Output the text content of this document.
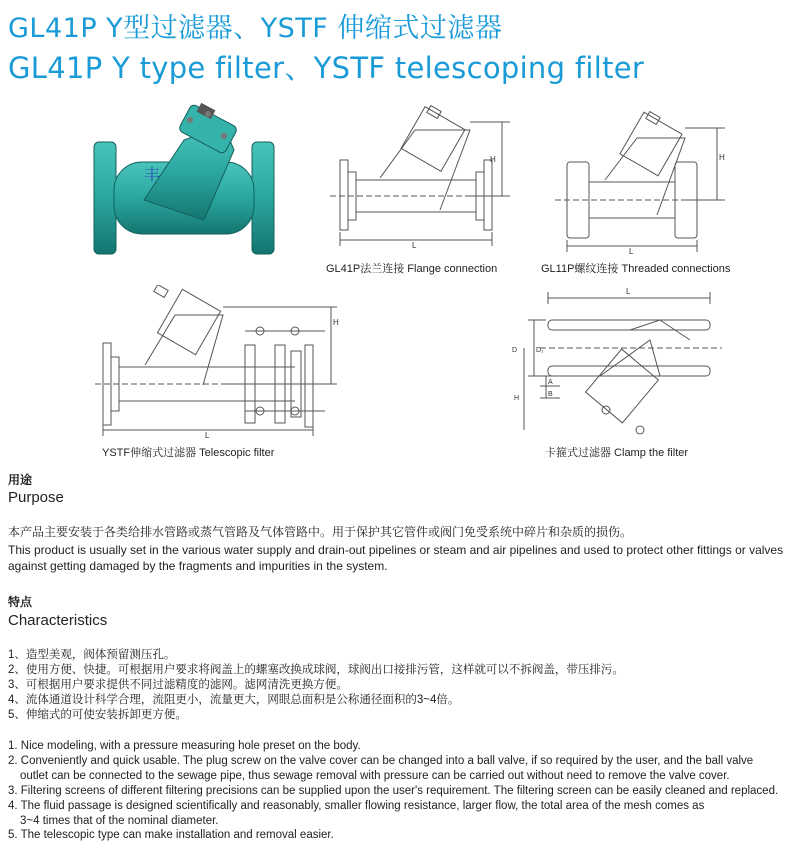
GL41P Y型过滤器、YSTF 伸缩式过滤器
GL41P Y type filter、YSTF telescoping filter
丰
H
L
GL41P法兰连接 Flange connection
H
L
GL11P螺纹连接 Threaded connections
H
L
YSTF伸缩式过滤器 Telescopic filter
L
D	D₁
A
B
H
卡箍式过滤器 Clamp the filter
用途
Purpose
本产品主要安装于各类给排水管路或蒸气管路及气体管路中。用于保护其它管件或阀门免受系统中碎片和杂质的损伤。
This product is usually set in the various water supply and drain-out pipelines or steam and air pipelines and used to protect other fittings or valves against getting damaged by the fragments and impurities in the system.
特点
Characteristics
1、造型美观，阀体预留测压孔。
2、使用方便、快捷。可根据用户要求将阀盖上的螺塞改换成球阀，球阀出口接排污管，这样就可以不拆阀盖，带压排污。
3、可根据用户要求提供不同过滤精度的滤网。滤网清洗更换方便。
4、流体通道设计科学合理，流阻更小，流量更大，网眼总面积是公称通径面积的3~4倍。
5、伸缩式的可使安装拆卸更方便。
1. Nice modeling, with a pressure measuring hole preset on the body.
2. Conveniently and quick usable. The plug screw on the valve cover can be changed into a ball valve, if so required by the user, and the ball valve
outlet can be connected to the sewage pipe, thus sewage removal with pressure can be carried out without need to remove the valve cover.
3. Filtering screens of different filtering precisions can be supplied upon the user's requirement. The filtering screen can be easily cleaned and replaced.
4. The fluid passage is designed scientifically and reasonably, smaller flowing resistance, larger flow, the total area of the mesh comes as
3~4 times that of the nominal diameter.
5. The telescopic type can make installation and removal easier.
